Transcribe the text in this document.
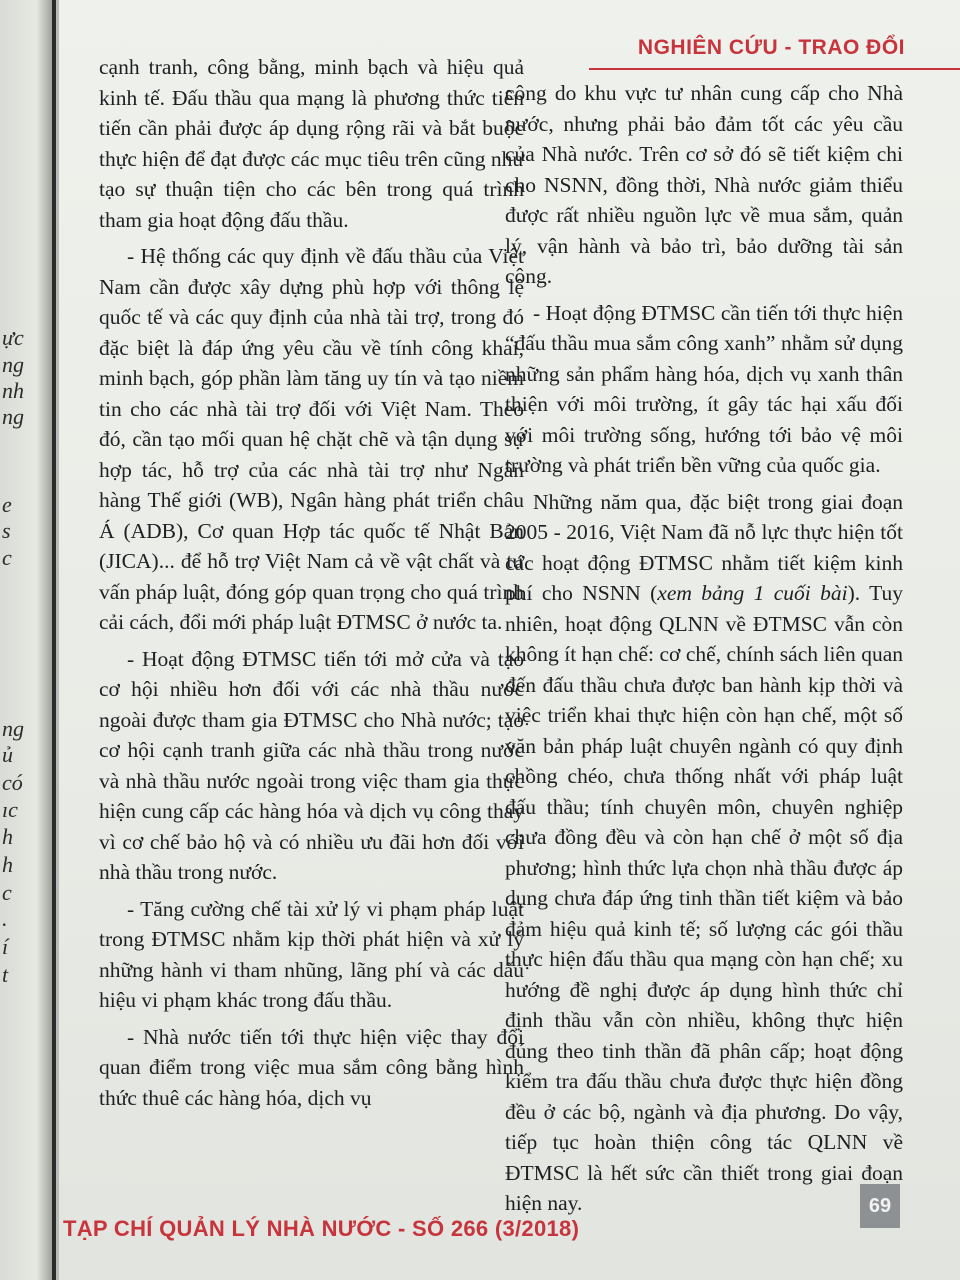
ực
ng
nh
ng
e
s
c
ng
ủ
có
ıc
h
h
c
.
í
t
NGHIÊN CỨU - TRAO ĐỔI

cạnh tranh, công bằng, minh bạch và hiệu quả kinh tế. Đấu thầu qua mạng là phương thức tiên tiến cần phải được áp dụng rộng rãi và bắt buộc thực hiện để đạt được các mục tiêu trên cũng như tạo sự thuận tiện cho các bên trong quá trình tham gia hoạt động đấu thầu.

- Hệ thống các quy định về đấu thầu của Việt Nam cần được xây dựng phù hợp với thông lệ quốc tế và các quy định của nhà tài trợ, trong đó đặc biệt là đáp ứng yêu cầu về tính công khai, minh bạch, góp phần làm tăng uy tín và tạo niềm tin cho các nhà tài trợ đối với Việt Nam. Theo đó, cần tạo mối quan hệ chặt chẽ và tận dụng sự hợp tác, hỗ trợ của các nhà tài trợ như Ngân hàng Thế giới (WB), Ngân hàng phát triển châu Á (ADB), Cơ quan Hợp tác quốc tế Nhật Bản (JICA)... để hỗ trợ Việt Nam cả về vật chất và tư vấn pháp luật, đóng góp quan trọng cho quá trình cải cách, đổi mới pháp luật ĐTMSC ở nước ta.

- Hoạt động ĐTMSC tiến tới mở cửa và tạo cơ hội nhiều hơn đối với các nhà thầu nước ngoài được tham gia ĐTMSC cho Nhà nước; tạo cơ hội cạnh tranh giữa các nhà thầu trong nước và nhà thầu nước ngoài trong việc tham gia thực hiện cung cấp các hàng hóa và dịch vụ công thay vì cơ chế bảo hộ và có nhiều ưu đãi hơn đối với nhà thầu trong nước.

- Tăng cường chế tài xử lý vi phạm pháp luật trong ĐTMSC nhằm kịp thời phát hiện và xử lý những hành vi tham nhũng, lãng phí và các dấu hiệu vi phạm khác trong đấu thầu.

- Nhà nước tiến tới thực hiện việc thay đổi quan điểm trong việc mua sắm công bằng hình thức thuê các hàng hóa, dịch vụ

công do khu vực tư nhân cung cấp cho Nhà nước, nhưng phải bảo đảm tốt các yêu cầu của Nhà nước. Trên cơ sở đó sẽ tiết kiệm chi cho NSNN, đồng thời, Nhà nước giảm thiểu được rất nhiều nguồn lực về mua sắm, quản lý, vận hành và bảo trì, bảo dưỡng tài sản công.

- Hoạt động ĐTMSC cần tiến tới thực hiện “đấu thầu mua sắm công xanh” nhằm sử dụng những sản phẩm hàng hóa, dịch vụ xanh thân thiện với môi trường, ít gây tác hại xấu đối với môi trường sống, hướng tới bảo vệ môi trường và phát triển bền vững của quốc gia.

Những năm qua, đặc biệt trong giai đoạn 2005 - 2016, Việt Nam đã nỗ lực thực hiện tốt các hoạt động ĐTMSC nhằm tiết kiệm kinh phí cho NSNN (xem bảng 1 cuối bài). Tuy nhiên, hoạt động QLNN về ĐTMSC vẫn còn không ít hạn chế: cơ chế, chính sách liên quan đến đấu thầu chưa được ban hành kịp thời và việc triển khai thực hiện còn hạn chế, một số văn bản pháp luật chuyên ngành có quy định chồng chéo, chưa thống nhất với pháp luật đấu thầu; tính chuyên môn, chuyên nghiệp chưa đồng đều và còn hạn chế ở một số địa phương; hình thức lựa chọn nhà thầu được áp dụng chưa đáp ứng tinh thần tiết kiệm và bảo đảm hiệu quả kinh tế; số lượng các gói thầu thực hiện đấu thầu qua mạng còn hạn chế; xu hướng đề nghị được áp dụng hình thức chỉ định thầu vẫn còn nhiều, không thực hiện đúng theo tinh thần đã phân cấp; hoạt động kiểm tra đấu thầu chưa được thực hiện đồng đều ở các bộ, ngành và địa phương. Do vậy, tiếp tục hoàn thiện công tác QLNN về ĐTMSC là hết sức cần thiết trong giai đoạn hiện nay.

TẠP CHÍ QUẢN LÝ NHÀ NƯỚC - SỐ 266 (3/2018)
69
